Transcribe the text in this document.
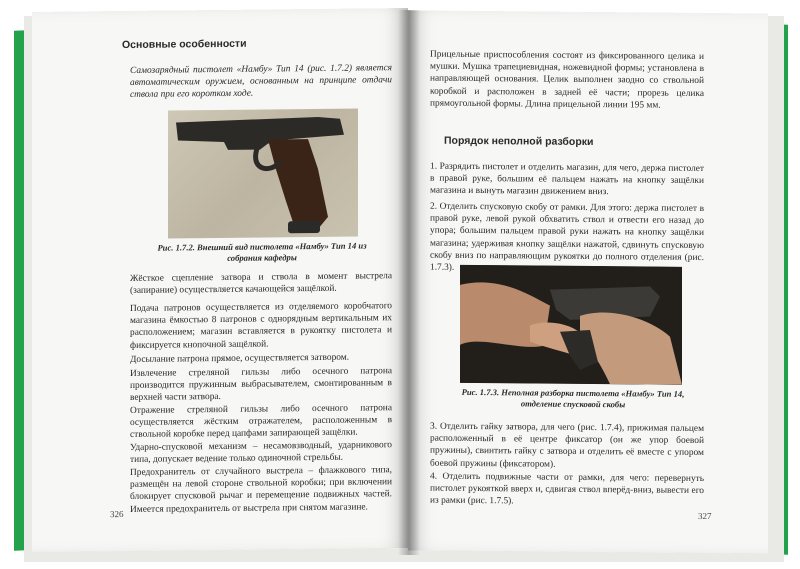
Основные особенности

Самозарядный пистолет «Намбу» Тип 14 (рис. 1.7.2) является автоматическим оружием, основанным на принципе отдачи ствола при его коротком ходе.

Рис. 1.7.2. Внешний вид пистолета «Намбу» Тип 14 из собрания кафедры

Жёсткое сцепление затвора и ствола в момент выстрела (запирание) осуществляется качающейся защёлкой.

Подача патронов осуществляется из отделяемого коробчатого магазина ёмкостью 8 патронов с однорядным вертикальным их расположением; магазин вставляется в рукоятку пистолета и фиксируется кнопочной защёлкой.

Досылание патрона прямое, осуществляется затвором.

Извлечение стреляной гильзы либо осечного патрона производится пружинным выбрасывателем, смонтированным в верхней части затвора.

Отражение стреляной гильзы либо осечного патрона осуществляется жёстким отражателем, расположенным в ствольной коробке перед цапфами запирающей защёлки.

Ударно-спусковой механизм – несамовзводный, ударникового типа, допускает ведение только одиночной стрельбы.

Предохранитель от случайного выстрела – флажкового типа, размещён на левой стороне ствольной коробки; при включении блокирует спусковой рычаг и перемещение подвижных частей. Имеется предохранитель от выстрела при снятом магазине.

326

Прицельные приспособления состоят из фиксированного целика и мушки. Мушка трапециевидная, ножевидной формы; установлена в направляющей основания. Целик выполнен заодно со ствольной коробкой и расположен в задней её части; прорезь целика прямоугольной формы. Длина прицельной линии 195 мм.

Порядок неполной разборки

1. Разрядить пистолет и отделить магазин, для чего, держа пистолет в правой руке, большим её пальцем нажать на кнопку защёлки магазина и вынуть магазин движением вниз.

2. Отделить спусковую скобу от рамки. Для этого: держа пистолет в правой руке, левой рукой обхватить ствол и отвести его назад до упора; большим пальцем правой руки нажать на кнопку защёлки магазина; удерживая кнопку защёлки нажатой, сдвинуть спусковую скобу вниз по направляющим рукоятки до полного отделения (рис. 1.7.3).

Рис. 1.7.3. Неполная разборка пистолета «Намбу» Тип 14, отделение спусковой скобы

3. Отделить гайку затвора, для чего (рис. 1.7.4), прижимая пальцем расположенный в её центре фиксатор (он же упор боевой пружины), свинтить гайку с затвора и отделить её вместе с упором боевой пружины (фиксатором).

4. Отделить подвижные части от рамки, для чего: перевернуть пистолет рукояткой вверх и, сдвигая ствол вперёд-вниз, вывести его из рамки (рис. 1.7.5).

327
